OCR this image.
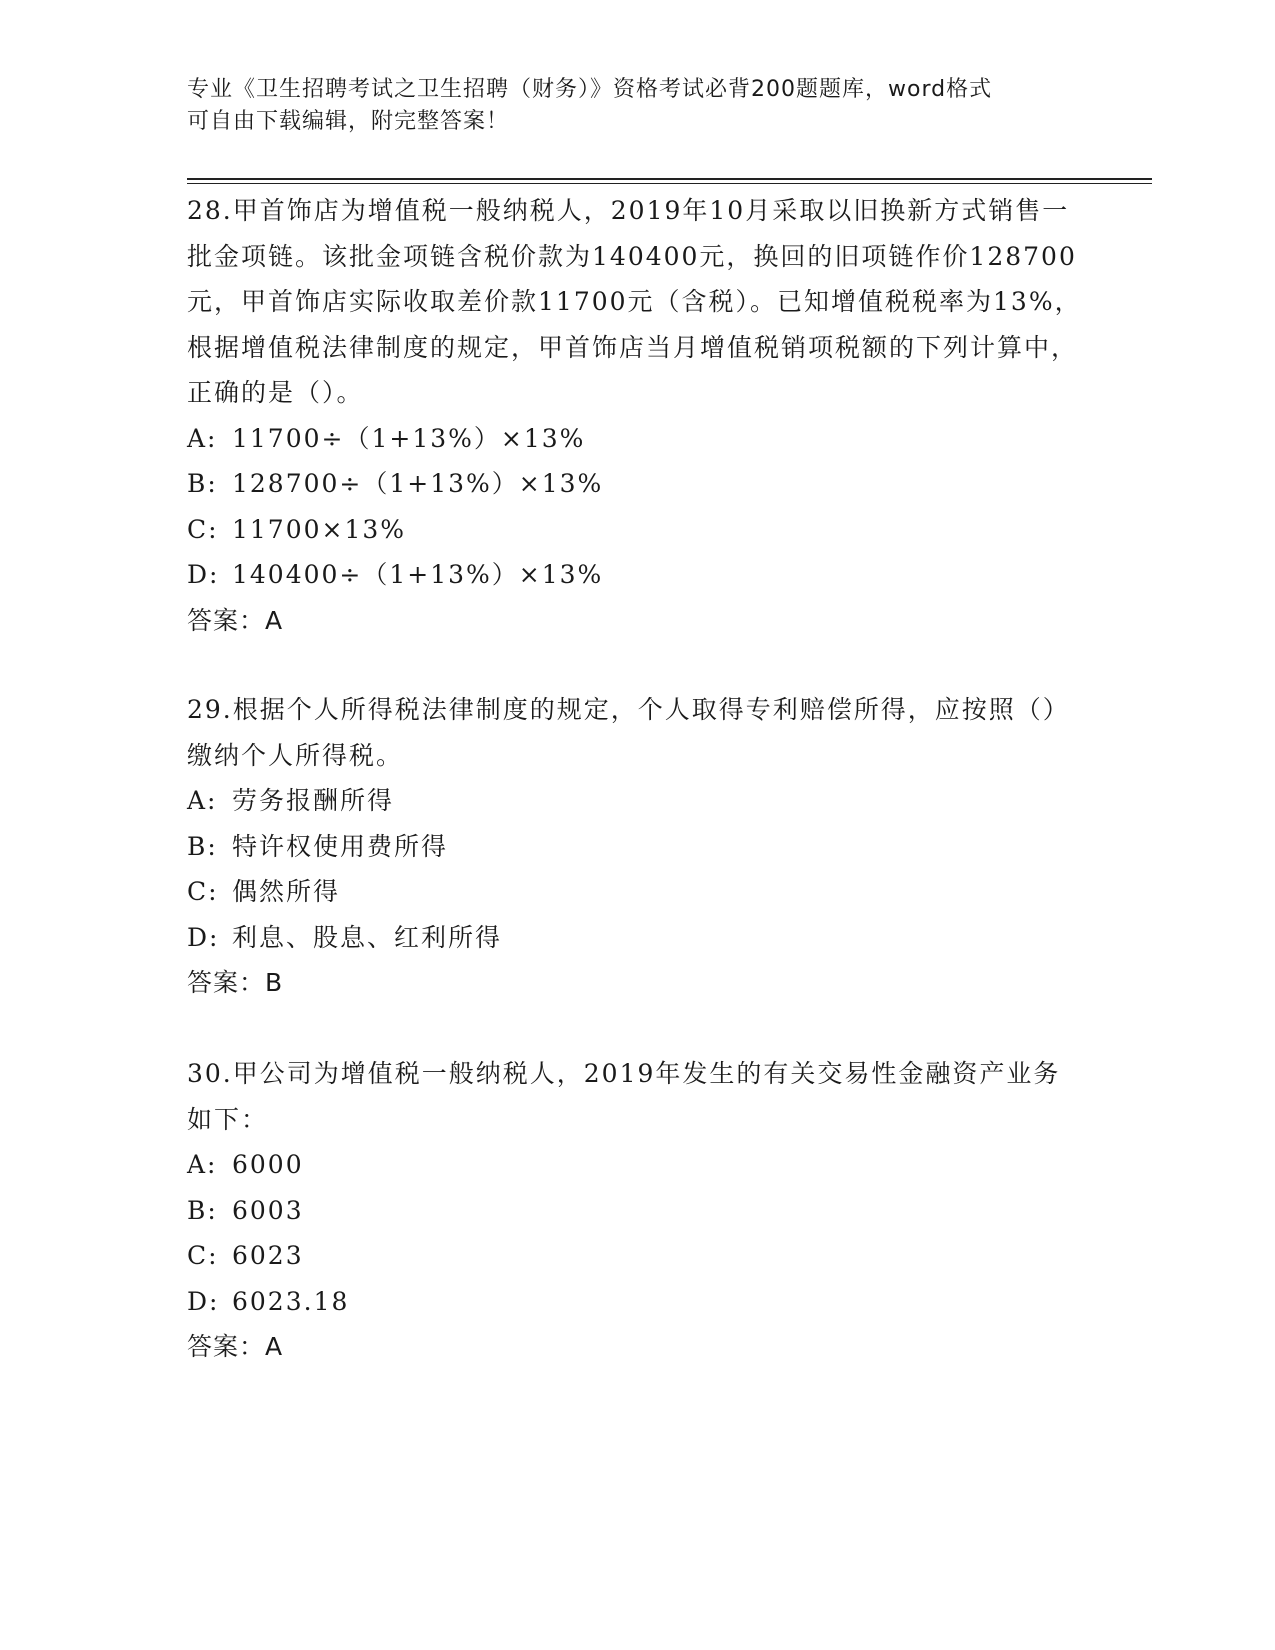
专业《卫生招聘考试之卫生招聘（财务）》资格考试必背200题题库，word格式
可自由下载编辑，附完整答案！

28.甲首饰店为增值税一般纳税人，2019年10月采取以旧换新方式销售一批金项链。该批金项链含税价款为140400元，换回的旧项链作价128700元，甲首饰店实际收取差价款11700元（含税）。已知增值税税率为13%，根据增值税法律制度的规定，甲首饰店当月增值税销项税额的下列计算中，正确的是（）。

A: 11700÷（1+13%）×13%
B: 128700÷（1+13%）×13%
C: 11700×13%
D: 140400÷（1+13%）×13%
答案：A

29.根据个人所得税法律制度的规定，个人取得专利赔偿所得，应按照（）缴纳个人所得税。

A: 劳务报酬所得
B: 特许权使用费所得
C: 偶然所得
D: 利息、股息、红利所得
答案：B

30.甲公司为增值税一般纳税人，2019年发生的有关交易性金融资产业务如下：

A: 6000
B: 6003
C: 6023
D: 6023.18
答案：A
